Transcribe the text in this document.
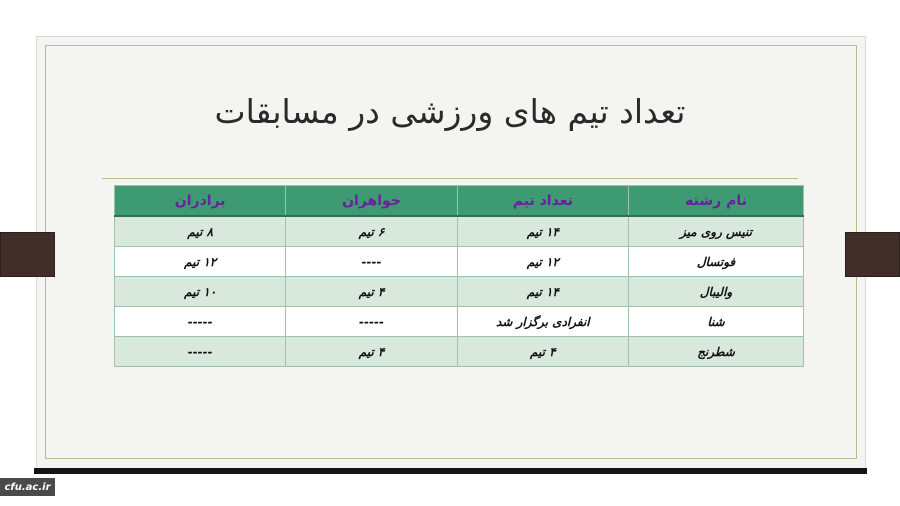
تعداد تیم های ورزشی در مسابقات
نام رشته	تعداد تیم	خواهران	برادران
تنیس روی میز	۱۴ تیم	۶ تیم	۸ تیم
فوتسال	۱۲ تیم	----	۱۲ تیم
والیبال	۱۴ تیم	۴ تیم	۱۰ تیم
شنا	انفرادی برگزار شد	-----	-----
شطرنج	۴ تیم	۴ تیم	-----
cfu.ac.ir
